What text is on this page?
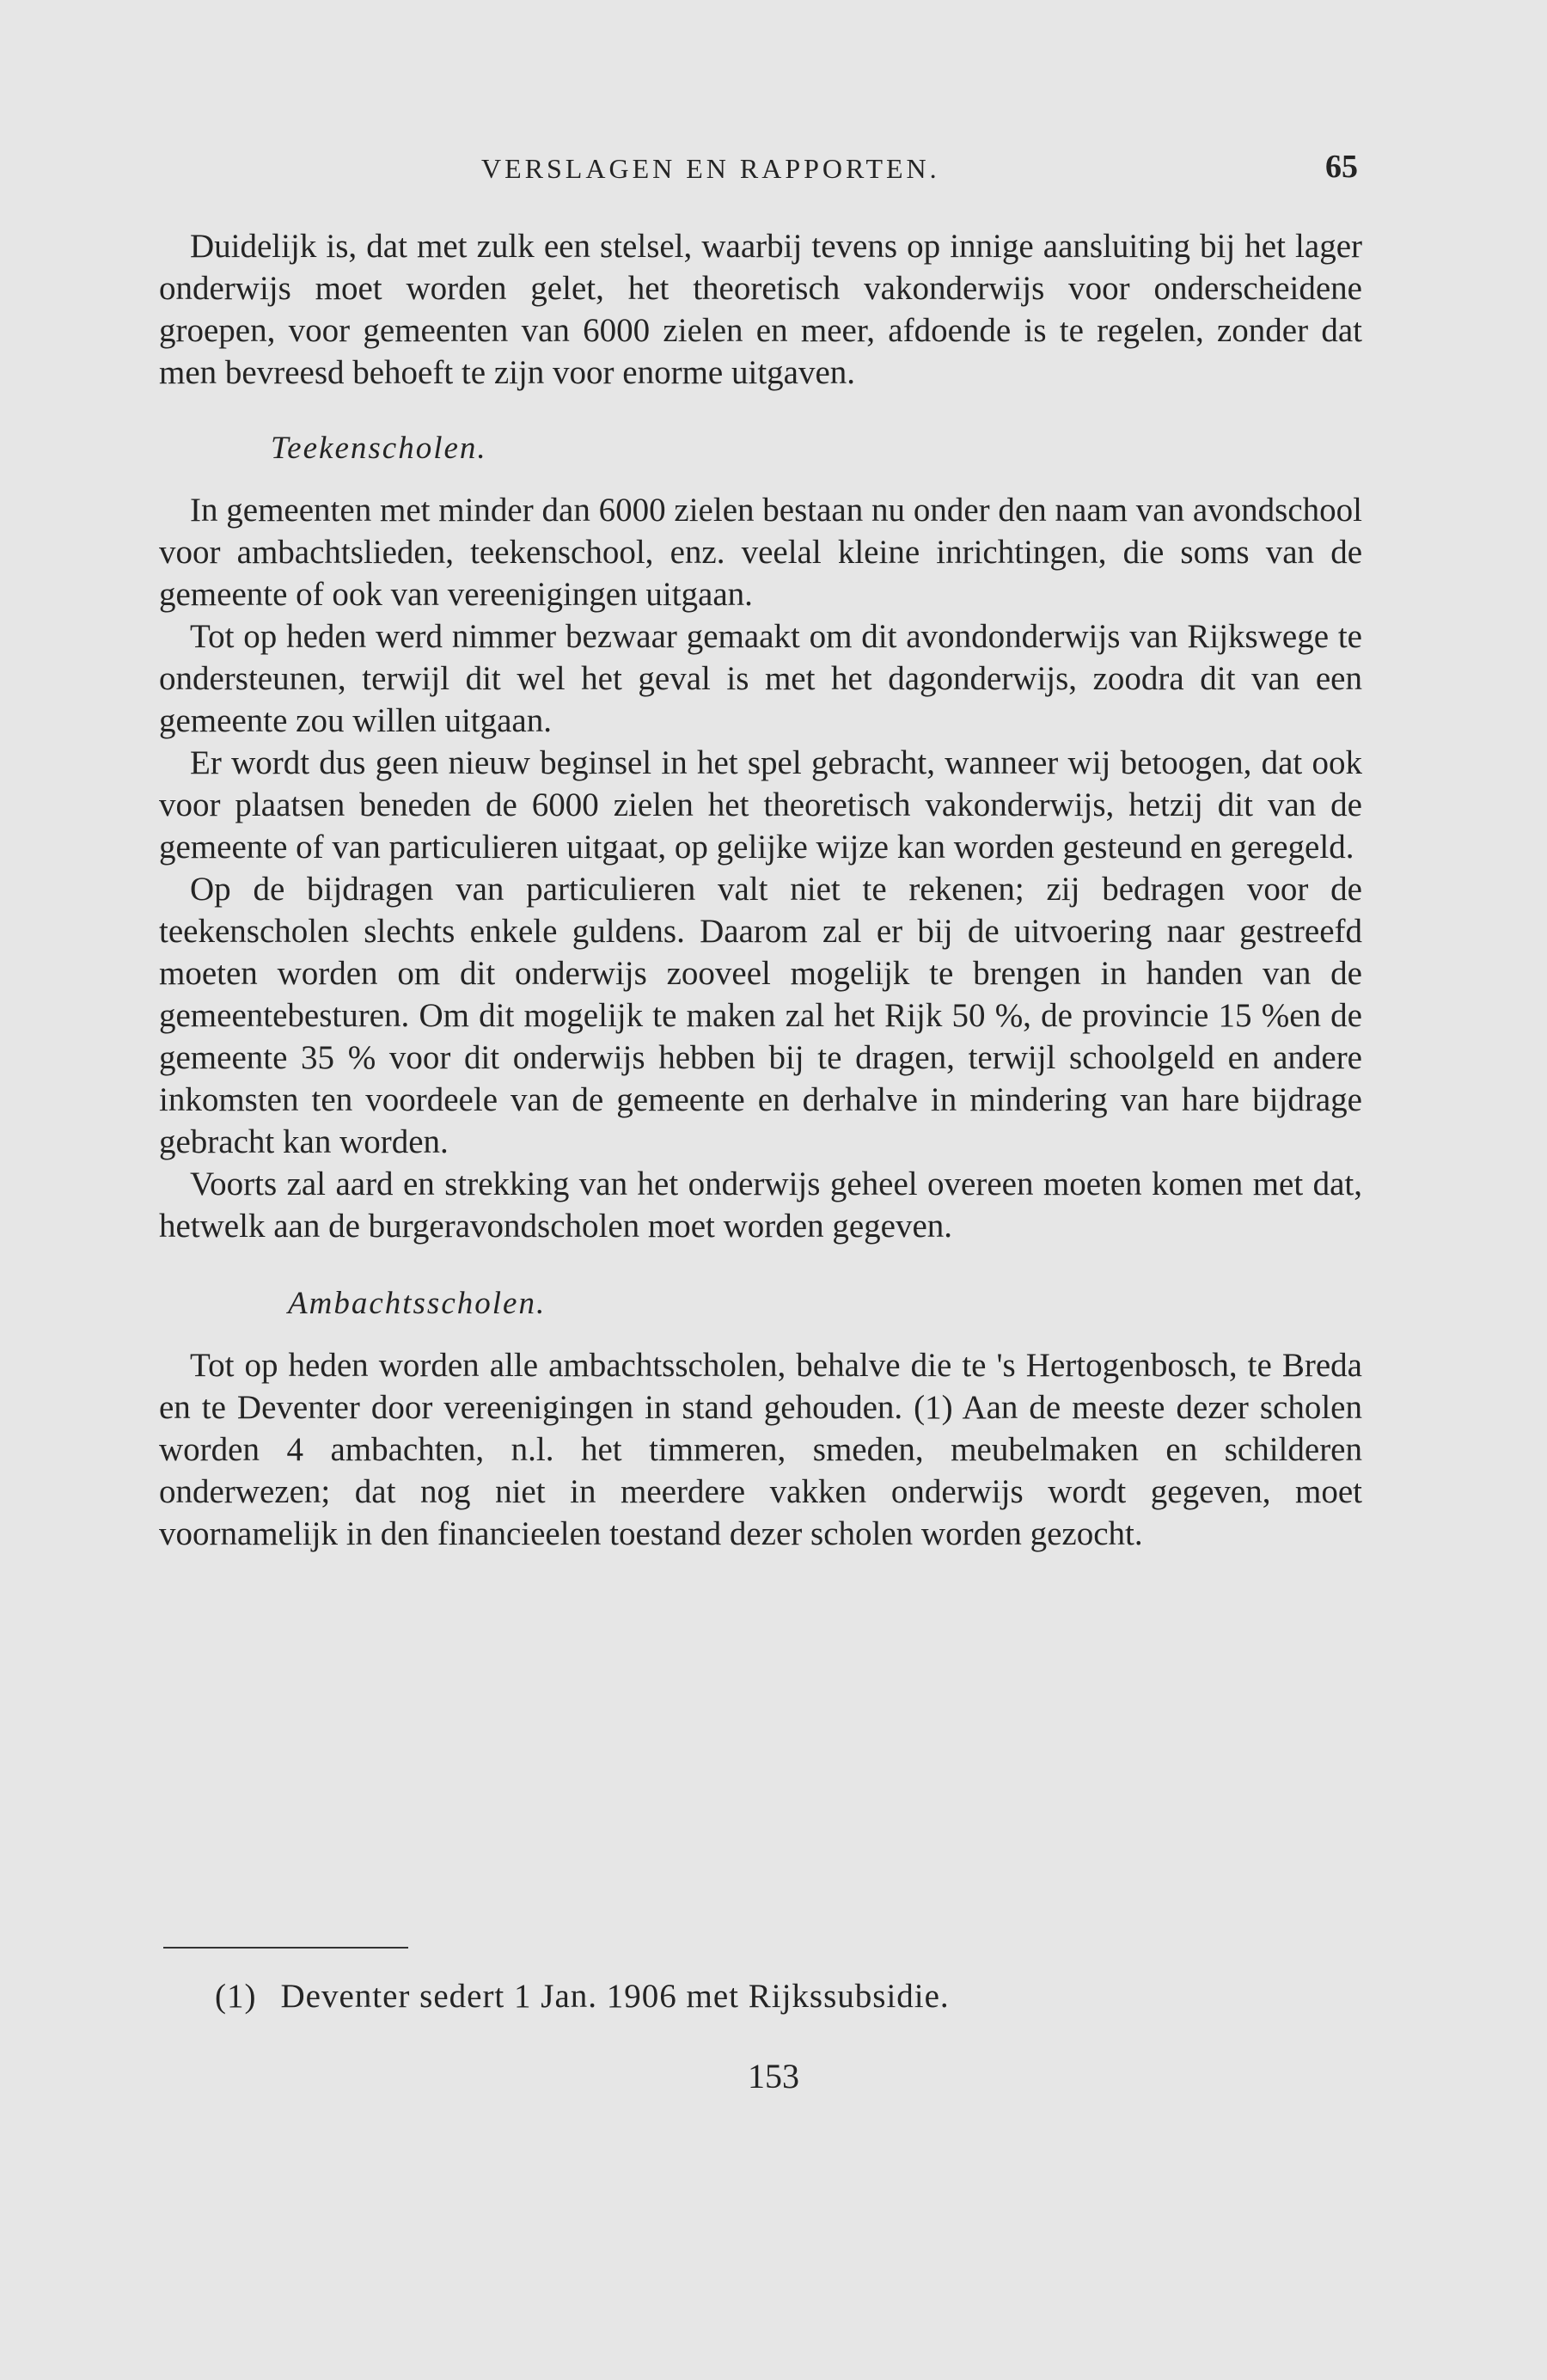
VERSLAGEN EN RAPPORTEN.	65

Duidelijk is, dat met zulk een stelsel, waarbij tevens op innige aansluiting bij het lager onderwijs moet worden gelet, het theoretisch vakonderwijs voor onderscheidene groepen, voor gemeenten van 6000 zielen en meer, afdoende is te regelen, zonder dat men bevreesd behoeft te zijn voor enorme uitgaven.

Teekenscholen.

In gemeenten met minder dan 6000 zielen bestaan nu onder den naam van avondschool voor ambachtslieden, teekenschool, enz. veelal kleine inrichtingen, die soms van de gemeente of ook van vereenigingen uitgaan.

Tot op heden werd nimmer bezwaar gemaakt om dit avondonderwijs van Rijkswege te ondersteunen, terwijl dit wel het geval is met het dagonderwijs, zoodra dit van een gemeente zou willen uitgaan.

Er wordt dus geen nieuw beginsel in het spel gebracht, wanneer wij betoogen, dat ook voor plaatsen beneden de 6000 zielen het theoretisch vakonderwijs, hetzij dit van de gemeente of van particulieren uitgaat, op gelijke wijze kan worden gesteund en geregeld.

Op de bijdragen van particulieren valt niet te rekenen; zij bedragen voor de teekenscholen slechts enkele guldens. Daarom zal er bij de uitvoering naar gestreefd moeten worden om dit onderwijs zooveel mogelijk te brengen in handen van de gemeentebesturen. Om dit mogelijk te maken zal het Rijk 50 %, de provincie 15 %en de gemeente 35 % voor dit onderwijs hebben bij te dragen, terwijl schoolgeld en andere inkomsten ten voordeele van de gemeente en derhalve in mindering van hare bijdrage gebracht kan worden.

Voorts zal aard en strekking van het onderwijs geheel overeen moeten komen met dat, hetwelk aan de burgeravondscholen moet worden gegeven.

Ambachtsscholen.

Tot op heden worden alle ambachtsscholen, behalve die te 's Hertogenbosch, te Breda en te Deventer door vereenigingen in stand gehouden. (1) Aan de meeste dezer scholen worden 4 ambachten, n.l. het timmeren, smeden, meubelmaken en schilderen onderwezen; dat nog niet in meerdere vakken onderwijs wordt gegeven, moet voornamelijk in den financieelen toestand dezer scholen worden gezocht.

(1) Deventer sedert 1 Jan. 1906 met Rijkssubsidie.
153
